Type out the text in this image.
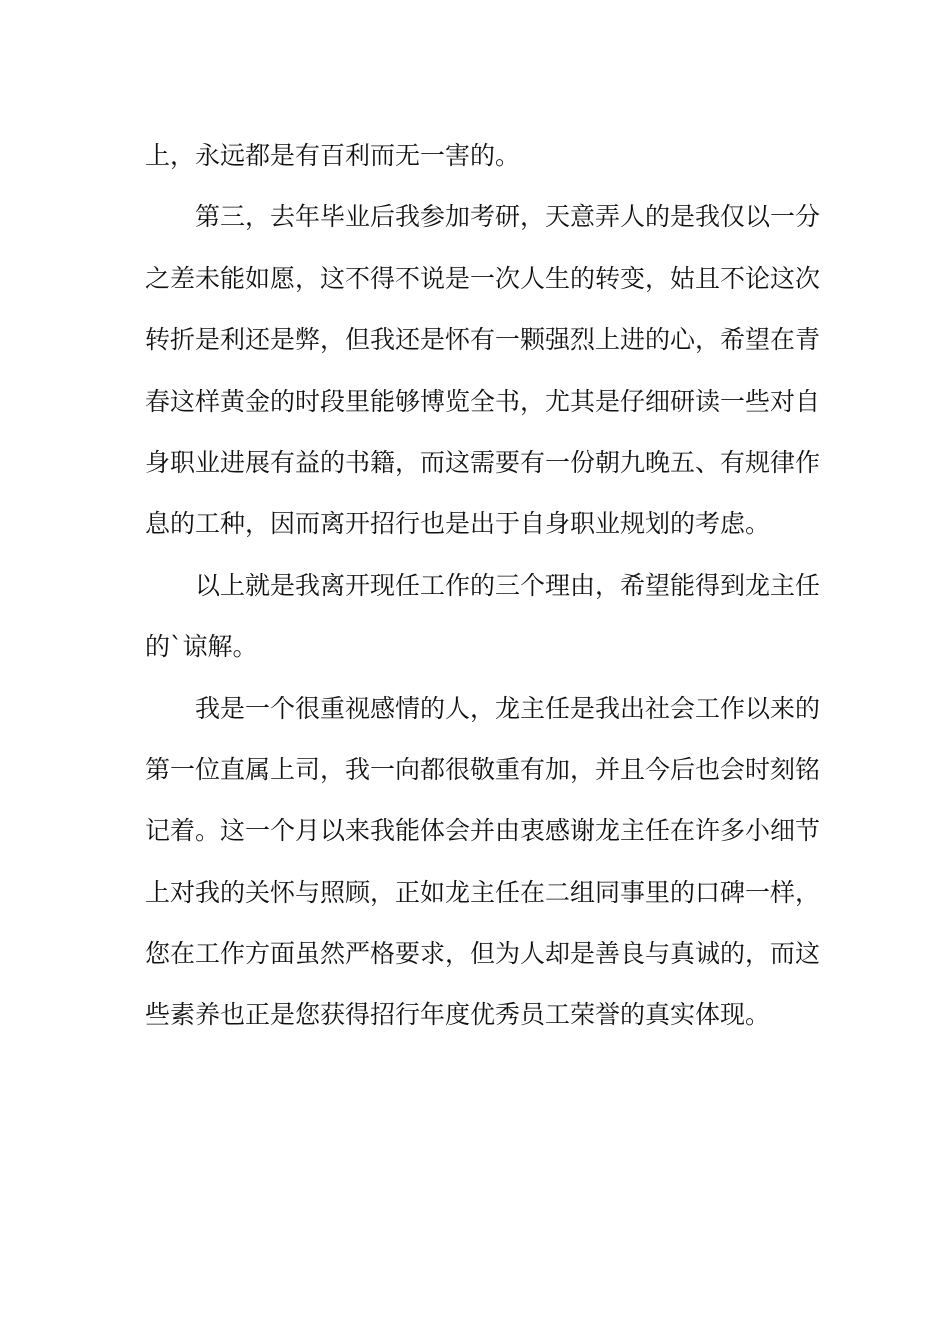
上，永远都是有百利而无一害的。
第三，去年毕业后我参加考研，天意弄人的是我仅以一分
之差未能如愿，这不得不说是一次人生的转变，姑且不论这次
转折是利还是弊，但我还是怀有一颗强烈上进的心，希望在青
春这样黄金的时段里能够博览全书，尤其是仔细研读一些对自
身职业进展有益的书籍，而这需要有一份朝九晚五、有规律作
息的工种，因而离开招行也是出于自身职业规划的考虑。
以上就是我离开现任工作的三个理由，希望能得到龙主任
的`谅解。
我是一个很重视感情的人，龙主任是我出社会工作以来的
第一位直属上司，我一向都很敬重有加，并且今后也会时刻铭
记着。这一个月以来我能体会并由衷感谢龙主任在许多小细节
上对我的关怀与照顾，正如龙主任在二组同事里的口碑一样，
您在工作方面虽然严格要求，但为人却是善良与真诚的，而这
些素养也正是您获得招行年度优秀员工荣誉的真实体现。
